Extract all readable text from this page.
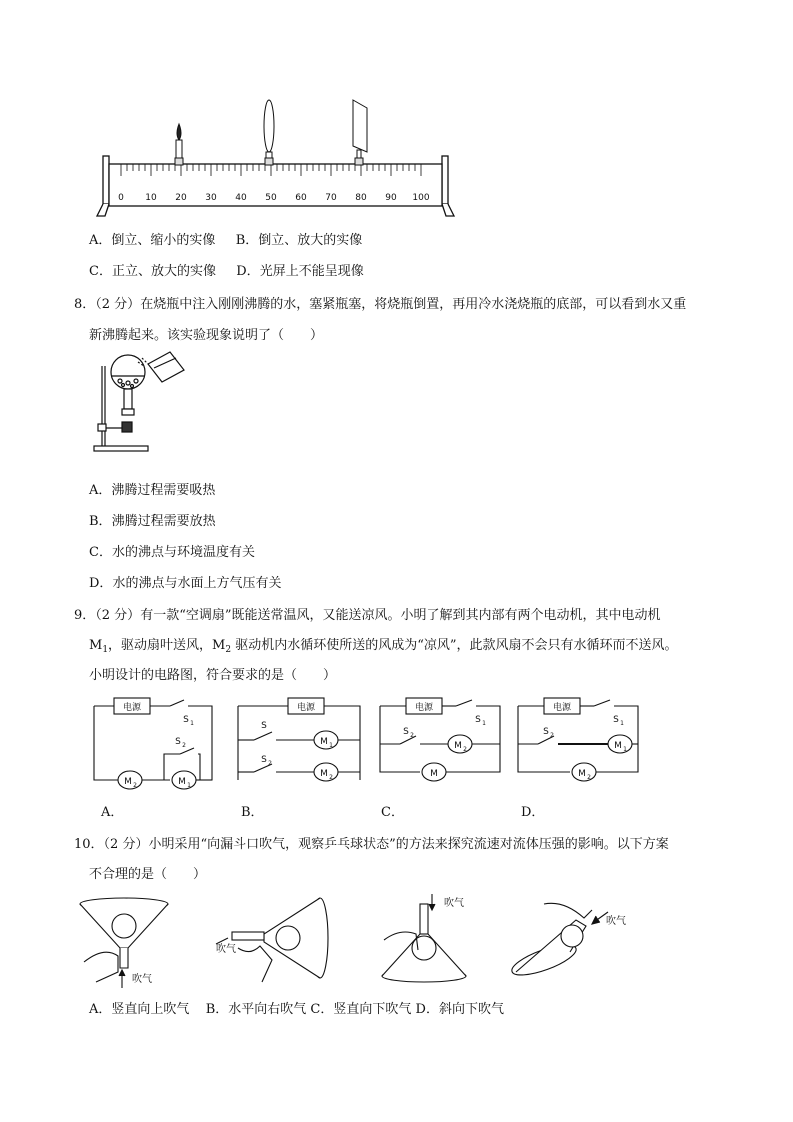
0 10 20 30 40 50 60 70 80 90 100
A．倒立、缩小的实像 B．倒立、放大的实像
C．正立、放大的实像 D．光屏上不能呈现像
8．（2 分）在烧瓶中注入刚刚沸腾的水，塞紧瓶塞，将烧瓶倒置，再用冷水浇烧瓶的底部，可以看到水又重
新沸腾起来。该实验现象说明了（　　）
A．沸腾过程需要吸热
B．沸腾过程需要放热
C．水的沸点与环境温度有关
D．水的沸点与水面上方气压有关
9．（2 分）有一款“空调扇”既能送常温风，又能送凉风。小明了解到其内部有两个电动机，其中电动机
$M_1$，驱动扇叶送风，$M_2$ 驱动机内水循环使所送的风成为“凉风”，此款风扇不会只有水循环而不送风。
小明设计的电路图，符合要求的是（　　）
电源	电源	电源	电源
M 2	M 1
M 1
M 2	M
M 2	M 1
M 2
S 1
S 2
S
S 2
S 1
S 2
S 1
S 2
A．	B．	C．	D．
10．（2 分）小明采用“向漏斗口吹气，观察乒乓球状态”的方法来探究流速对流体压强的影响。以下方案
不合理的是（　　）
吹气
吹气
吹气
吹气
A．竖直向上吹气 B．水平向右吹气 C．竖直向下吹气 D．斜向下吹气
